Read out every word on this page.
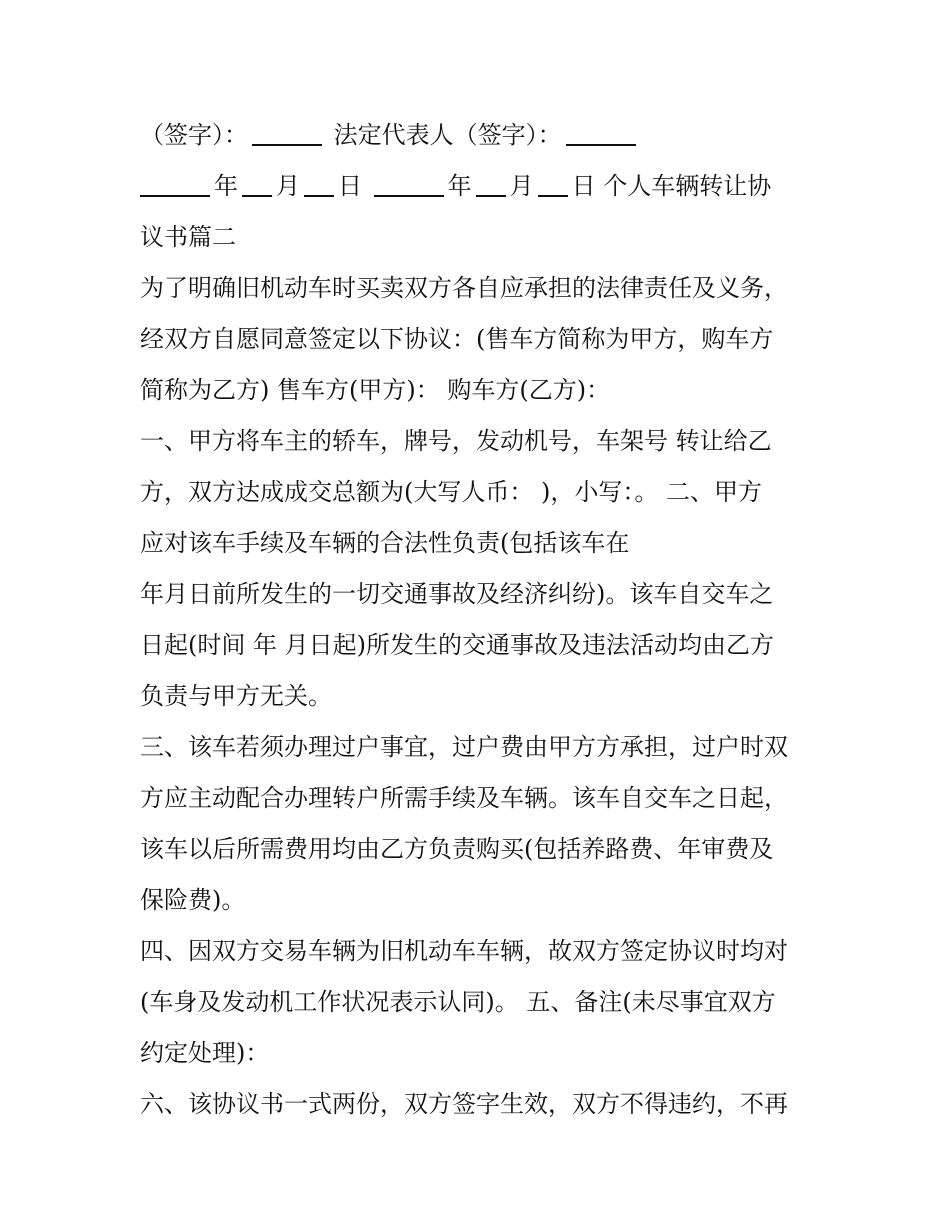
（签字）：	法定代表人（签字）：
年 月 日	年 月 日 个人车辆转让协
议书篇二
为了明确旧机动车时买卖双方各自应承担的法律责任及义务，
经双方自愿同意签定以下协议：(售车方简称为甲方，购车方
简称为乙方) 售车方(甲方)： 购车方(乙方)：
一、甲方将车主的轿车，牌号，发动机号，车架号 转让给乙
方，双方达成成交总额为(大写人币： )，小写：。 二、甲方
应对该车手续及车辆的合法性负责(包括该车在
年月日前所发生的一切交通事故及经济纠纷)。该车自交车之
日起(时间 年 月日起)所发生的交通事故及违法活动均由乙方
负责与甲方无关。
三、该车若须办理过户事宜，过户费由甲方方承担，过户时双
方应主动配合办理转户所需手续及车辆。该车自交车之日起，
该车以后所需费用均由乙方负责购买(包括养路费、年审费及
保险费)。
四、因双方交易车辆为旧机动车车辆，故双方签定协议时均对
(车身及发动机工作状况表示认同)。 五、备注(未尽事宜双方
约定处理)：
六、该协议书一式两份，双方签字生效，双方不得违约，不再
